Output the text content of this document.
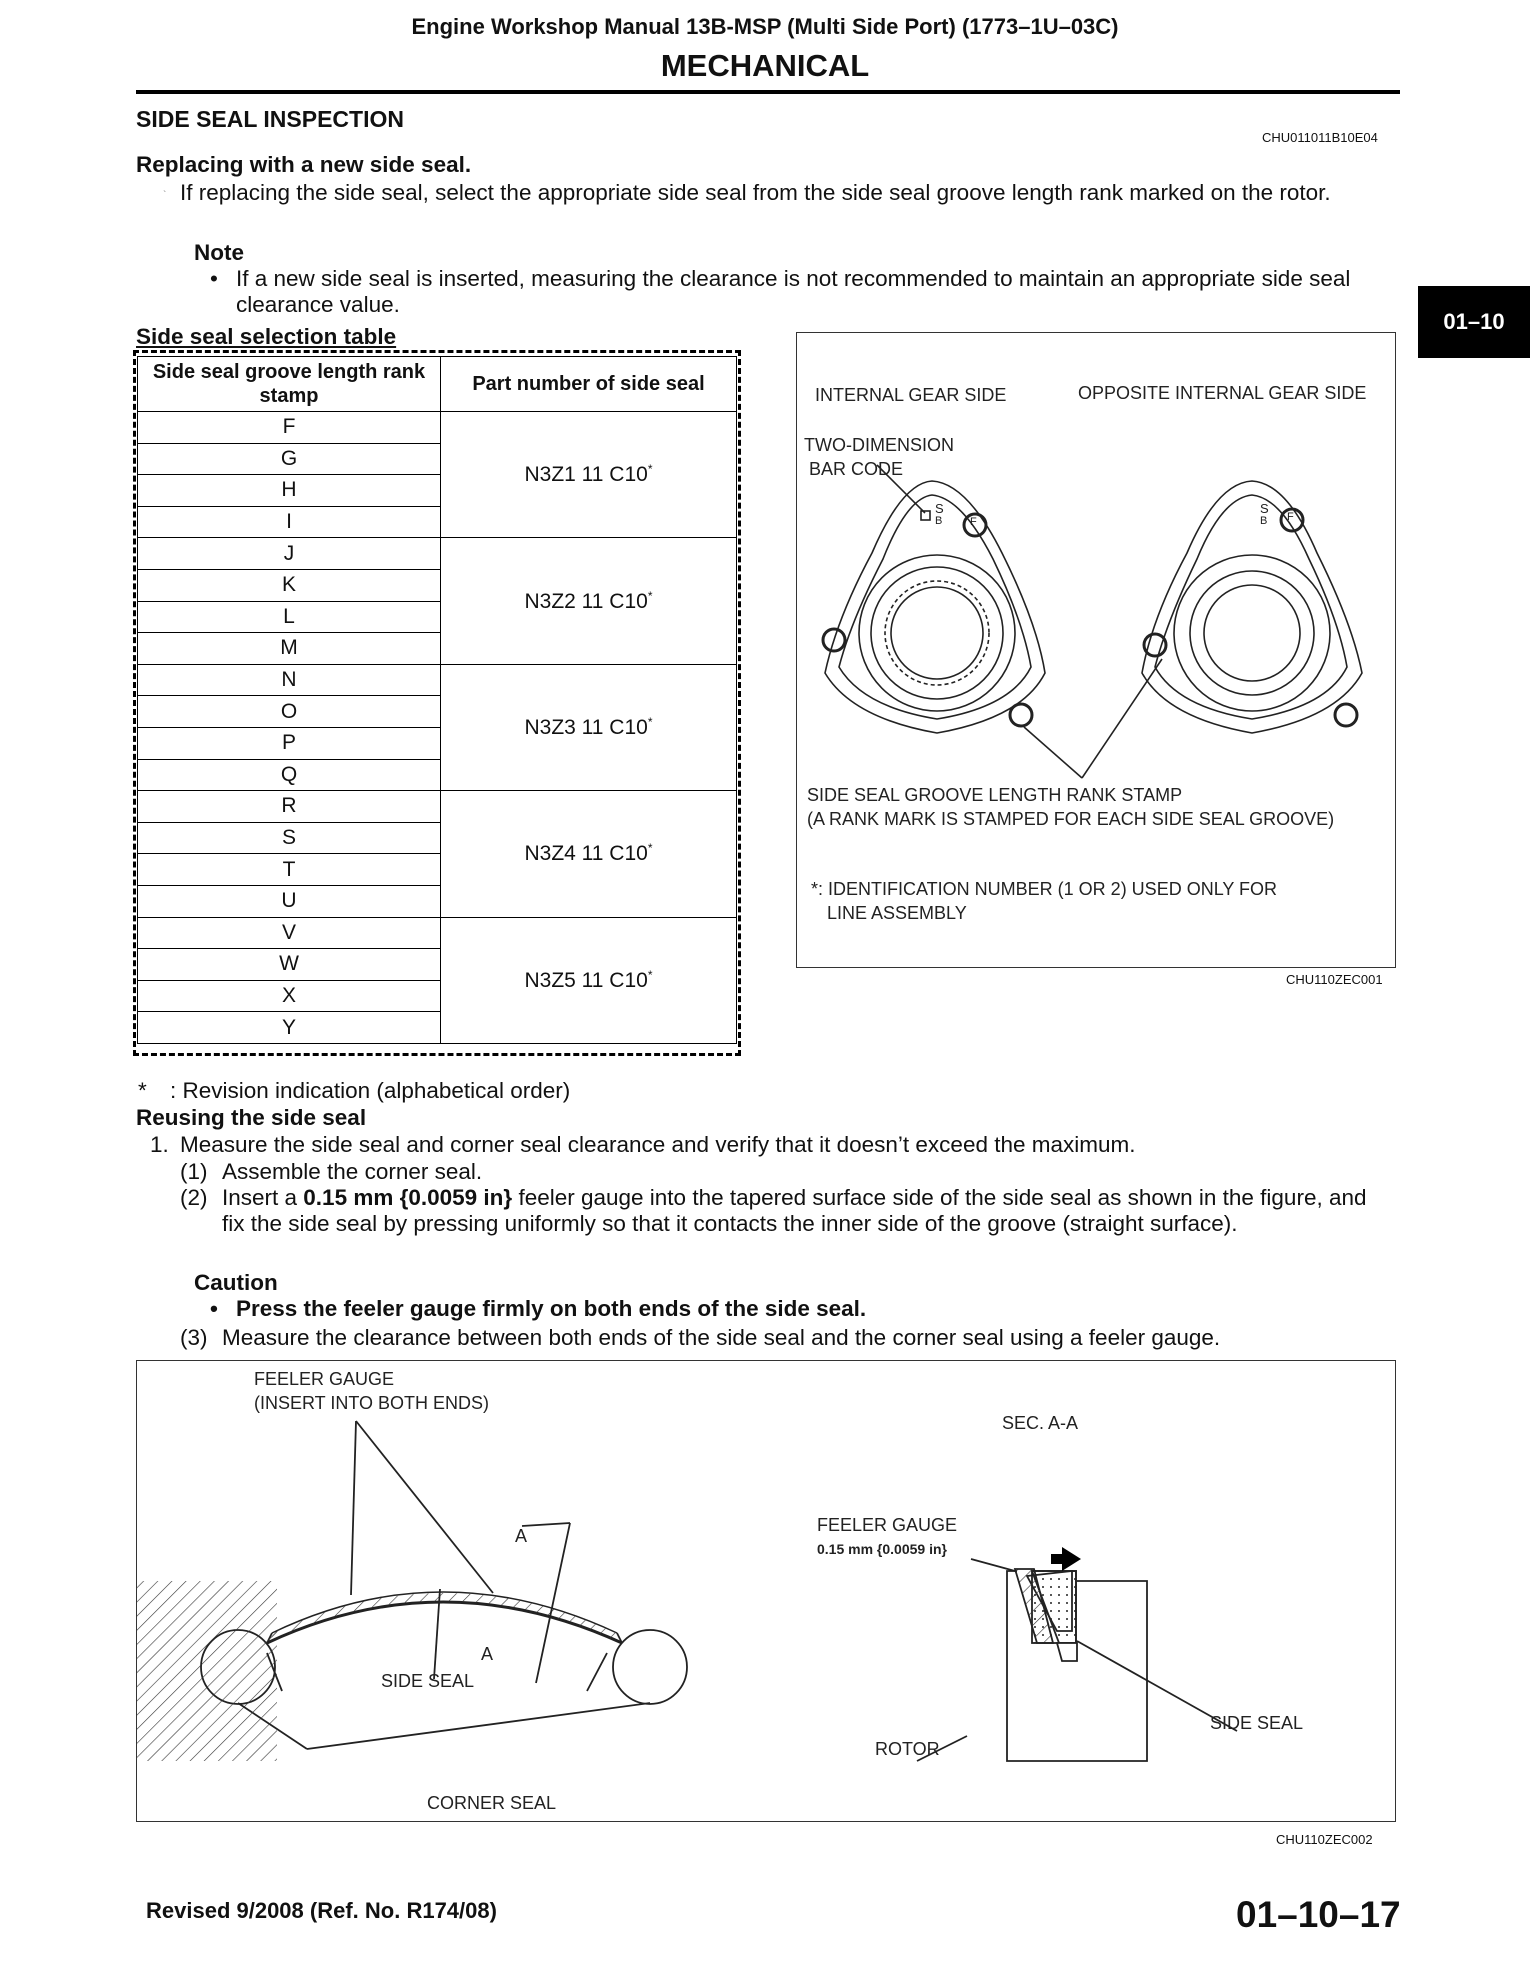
Engine Workshop Manual 13B-MSP (Multi Side Port) (1773–1U–03C)
MECHANICAL
01–10
SIDE SEAL INSPECTION
CHU011011B10E04
Replacing with a new side seal.
` If replacing the side seal, select the appropriate side seal from the side seal groove length rank marked on the rotor.
Note
• If a new side seal is inserted, measuring the clearance is not recommended to maintain an appropriate side seal clearance value.
Side seal selection table
Side seal groove length rank stamp	Part number of side seal
F	N3Z1 11 C10*
G	
H	
I	
J	N3Z2 11 C10*
K	
L	
M	
N	N3Z3 11 C10*
O	
P	
Q	
R	N3Z4 11 C10*
S	
T	
U	
V	N3Z5 11 C10*
W	
X	
Y	
INTERNAL GEAR SIDE	OPPOSITE INTERNAL GEAR SIDE
TWO-DIMENSION
BAR CODE
S
B	F
S
B F
SIDE SEAL GROOVE LENGTH RANK STAMP
(A RANK MARK IS STAMPED FOR EACH SIDE SEAL GROOVE)
*: IDENTIFICATION NUMBER (1 OR 2) USED ONLY FOR
LINE ASSEMBLY
CHU110ZEC001
* : Revision indication (alphabetical order)
Reusing the side seal
1. Measure the side seal and corner seal clearance and verify that it doesn’t exceed the maximum.
(1) Assemble the corner seal.
(2) Insert a 0.15 mm {0.0059 in} feeler gauge into the tapered surface side of the side seal as shown in the figure, and fix the side seal by pressing uniformly so that it contacts the inner side of the groove (straight surface).
Caution
• Press the feeler gauge firmly on both ends of the side seal.
(3) Measure the clearance between both ends of the side seal and the corner seal using a feeler gauge.
FEELER GAUGE
(INSERT INTO BOTH ENDS)
SEC. A-A
A
A
SIDE SEAL
CORNER SEAL
FEELER GAUGE
0.15 mm {0.0059 in}
SIDE SEAL
ROTOR
CHU110ZEC002
Revised 9/2008 (Ref. No. R174/08)	01–10–17
